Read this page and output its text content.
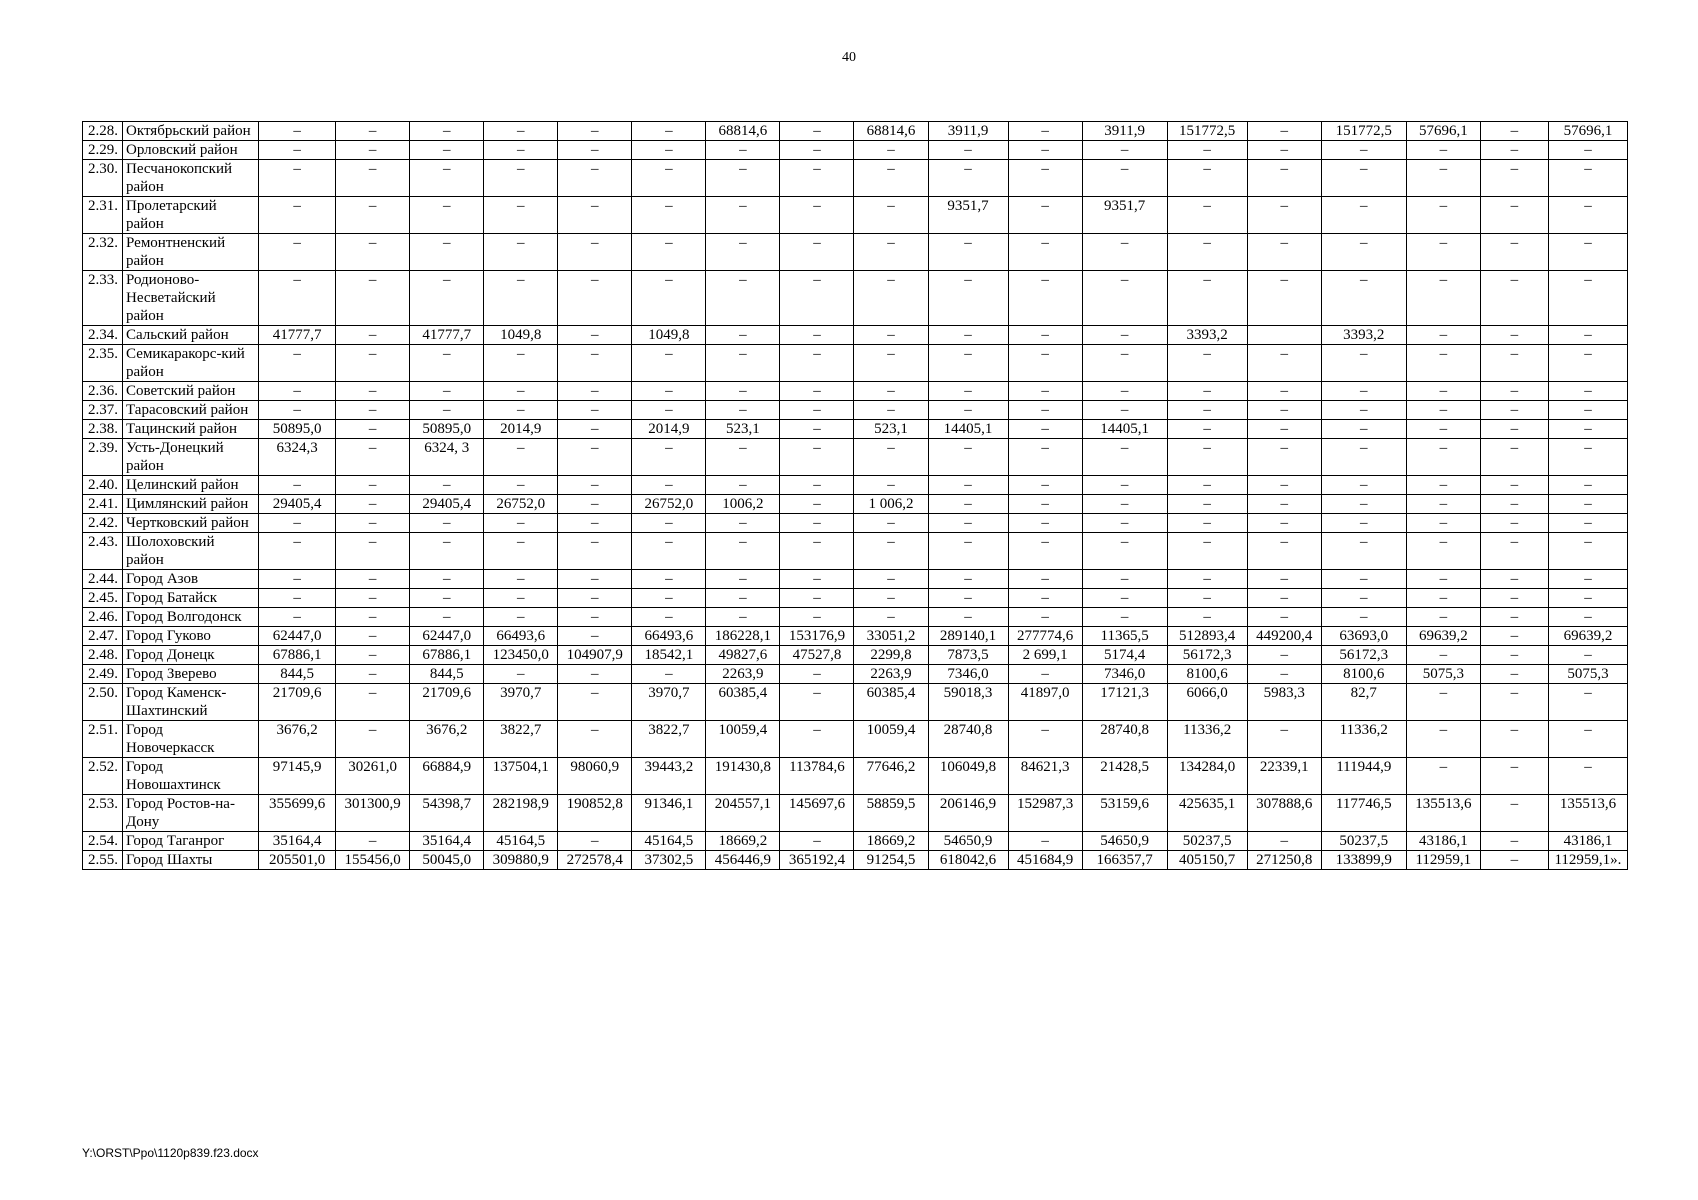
40
2.28.	Октябрьский район	–	–	–	–	–	–	68814,6	–	68814,6	3911,9	–	3911,9	151772,5	–	151772,5	57696,1	–	57696,1
2.29.	Орловский район	–	–	–	–	–	–	–	–	–	–	–	–	–	–	–	–	–	–
2.30.	Песчанокопский район	–	–	–	–	–	–	–	–	–	–	–	–	–	–	–	–	–	–
2.31.	Пролетарский район	–	–	–	–	–	–	–	–	–	9351,7	–	9351,7	–	–	–	–	–	–
2.32.	Ремонтненский район	–	–	–	–	–	–	–	–	–	–	–	–	–	–	–	–	–	–
2.33.	Родионово-Несветайский район	–	–	–	–	–	–	–	–	–	–	–	–	–	–	–	–	–	–
2.34.	Сальский район	41777,7	–	41777,7	1049,8	–	1049,8	–	–	–	–	–	–	3393,2		3393,2	–	–	–
2.35.	Семикаракорс-кий район	–	–	–	–	–	–	–	–	–	–	–	–	–	–	–	–	–	–
2.36.	Советский район	–	–	–	–	–	–	–	–	–	–	–	–	–	–	–	–	–	–
2.37.	Тарасовский район	–	–	–	–	–	–	–	–	–	–	–	–	–	–	–	–	–	–
2.38.	Тацинский район	50895,0	–	50895,0	2014,9	–	2014,9	523,1	–	523,1	14405,1	–	14405,1	–	–	–	–	–	–
2.39.	Усть-Донецкий район	6324,3	–	6324, 3	–	–	–	–	–	–	–	–	–	–	–	–	–	–	–
2.40.	Целинский район	–	–	–	–	–	–	–	–	–	–	–	–	–	–	–	–	–	–
2.41.	Цимлянский район	29405,4	–	29405,4	26752,0	–	26752,0	1006,2	–	1 006,2	–	–	–	–	–	–	–	–	–
2.42.	Чертковский район	–	–	–	–	–	–	–	–	–	–	–	–	–	–	–	–	–	–
2.43.	Шолоховский район	–	–	–	–	–	–	–	–	–	–	–	–	–	–	–	–	–	–
2.44.	Город Азов	–	–	–	–	–	–	–	–	–	–	–	–	–	–	–	–	–	–
2.45.	Город Батайск	–	–	–	–	–	–	–	–	–	–	–	–	–	–	–	–	–	–
2.46.	Город Волгодонск	–	–	–	–	–	–	–	–	–	–	–	–	–	–	–	–	–	–
2.47.	Город Гуково	62447,0	–	62447,0	66493,6	–	66493,6	186228,1	153176,9	33051,2	289140,1	277774,6	11365,5	512893,4	449200,4	63693,0	69639,2	–	69639,2
2.48.	Город Донецк	67886,1	–	67886,1	123450,0	104907,9	18542,1	49827,6	47527,8	2299,8	7873,5	2 699,1	5174,4	56172,3	–	56172,3	–	–	–
2.49.	Город Зверево	844,5	–	844,5	–	–	–	2263,9	–	2263,9	7346,0	–	7346,0	8100,6	–	8100,6	5075,3	–	5075,3
2.50.	Город Каменск-Шахтинский	21709,6	–	21709,6	3970,7	–	3970,7	60385,4	–	60385,4	59018,3	41897,0	17121,3	6066,0	5983,3	82,7	–	–	–
2.51.	Город Новочеркасск	3676,2	–	3676,2	3822,7	–	3822,7	10059,4	–	10059,4	28740,8	–	28740,8	11336,2	–	11336,2	–	–	–
2.52.	Город Новошахтинск	97145,9	30261,0	66884,9	137504,1	98060,9	39443,2	191430,8	113784,6	77646,2	106049,8	84621,3	21428,5	134284,0	22339,1	111944,9	–	–	–
2.53.	Город Ростов-на-Дону	355699,6	301300,9	54398,7	282198,9	190852,8	91346,1	204557,1	145697,6	58859,5	206146,9	152987,3	53159,6	425635,1	307888,6	117746,5	135513,6	–	135513,6
2.54.	Город Таганрог	35164,4	–	35164,4	45164,5	–	45164,5	18669,2	–	18669,2	54650,9	–	54650,9	50237,5	–	50237,5	43186,1	–	43186,1
2.55.	Город Шахты	205501,0	155456,0	50045,0	309880,9	272578,4	37302,5	456446,9	365192,4	91254,5	618042,6	451684,9	166357,7	405150,7	271250,8	133899,9	112959,1	–	112959,1».
Y:\ORST\Ppo\1120p839.f23.docx
